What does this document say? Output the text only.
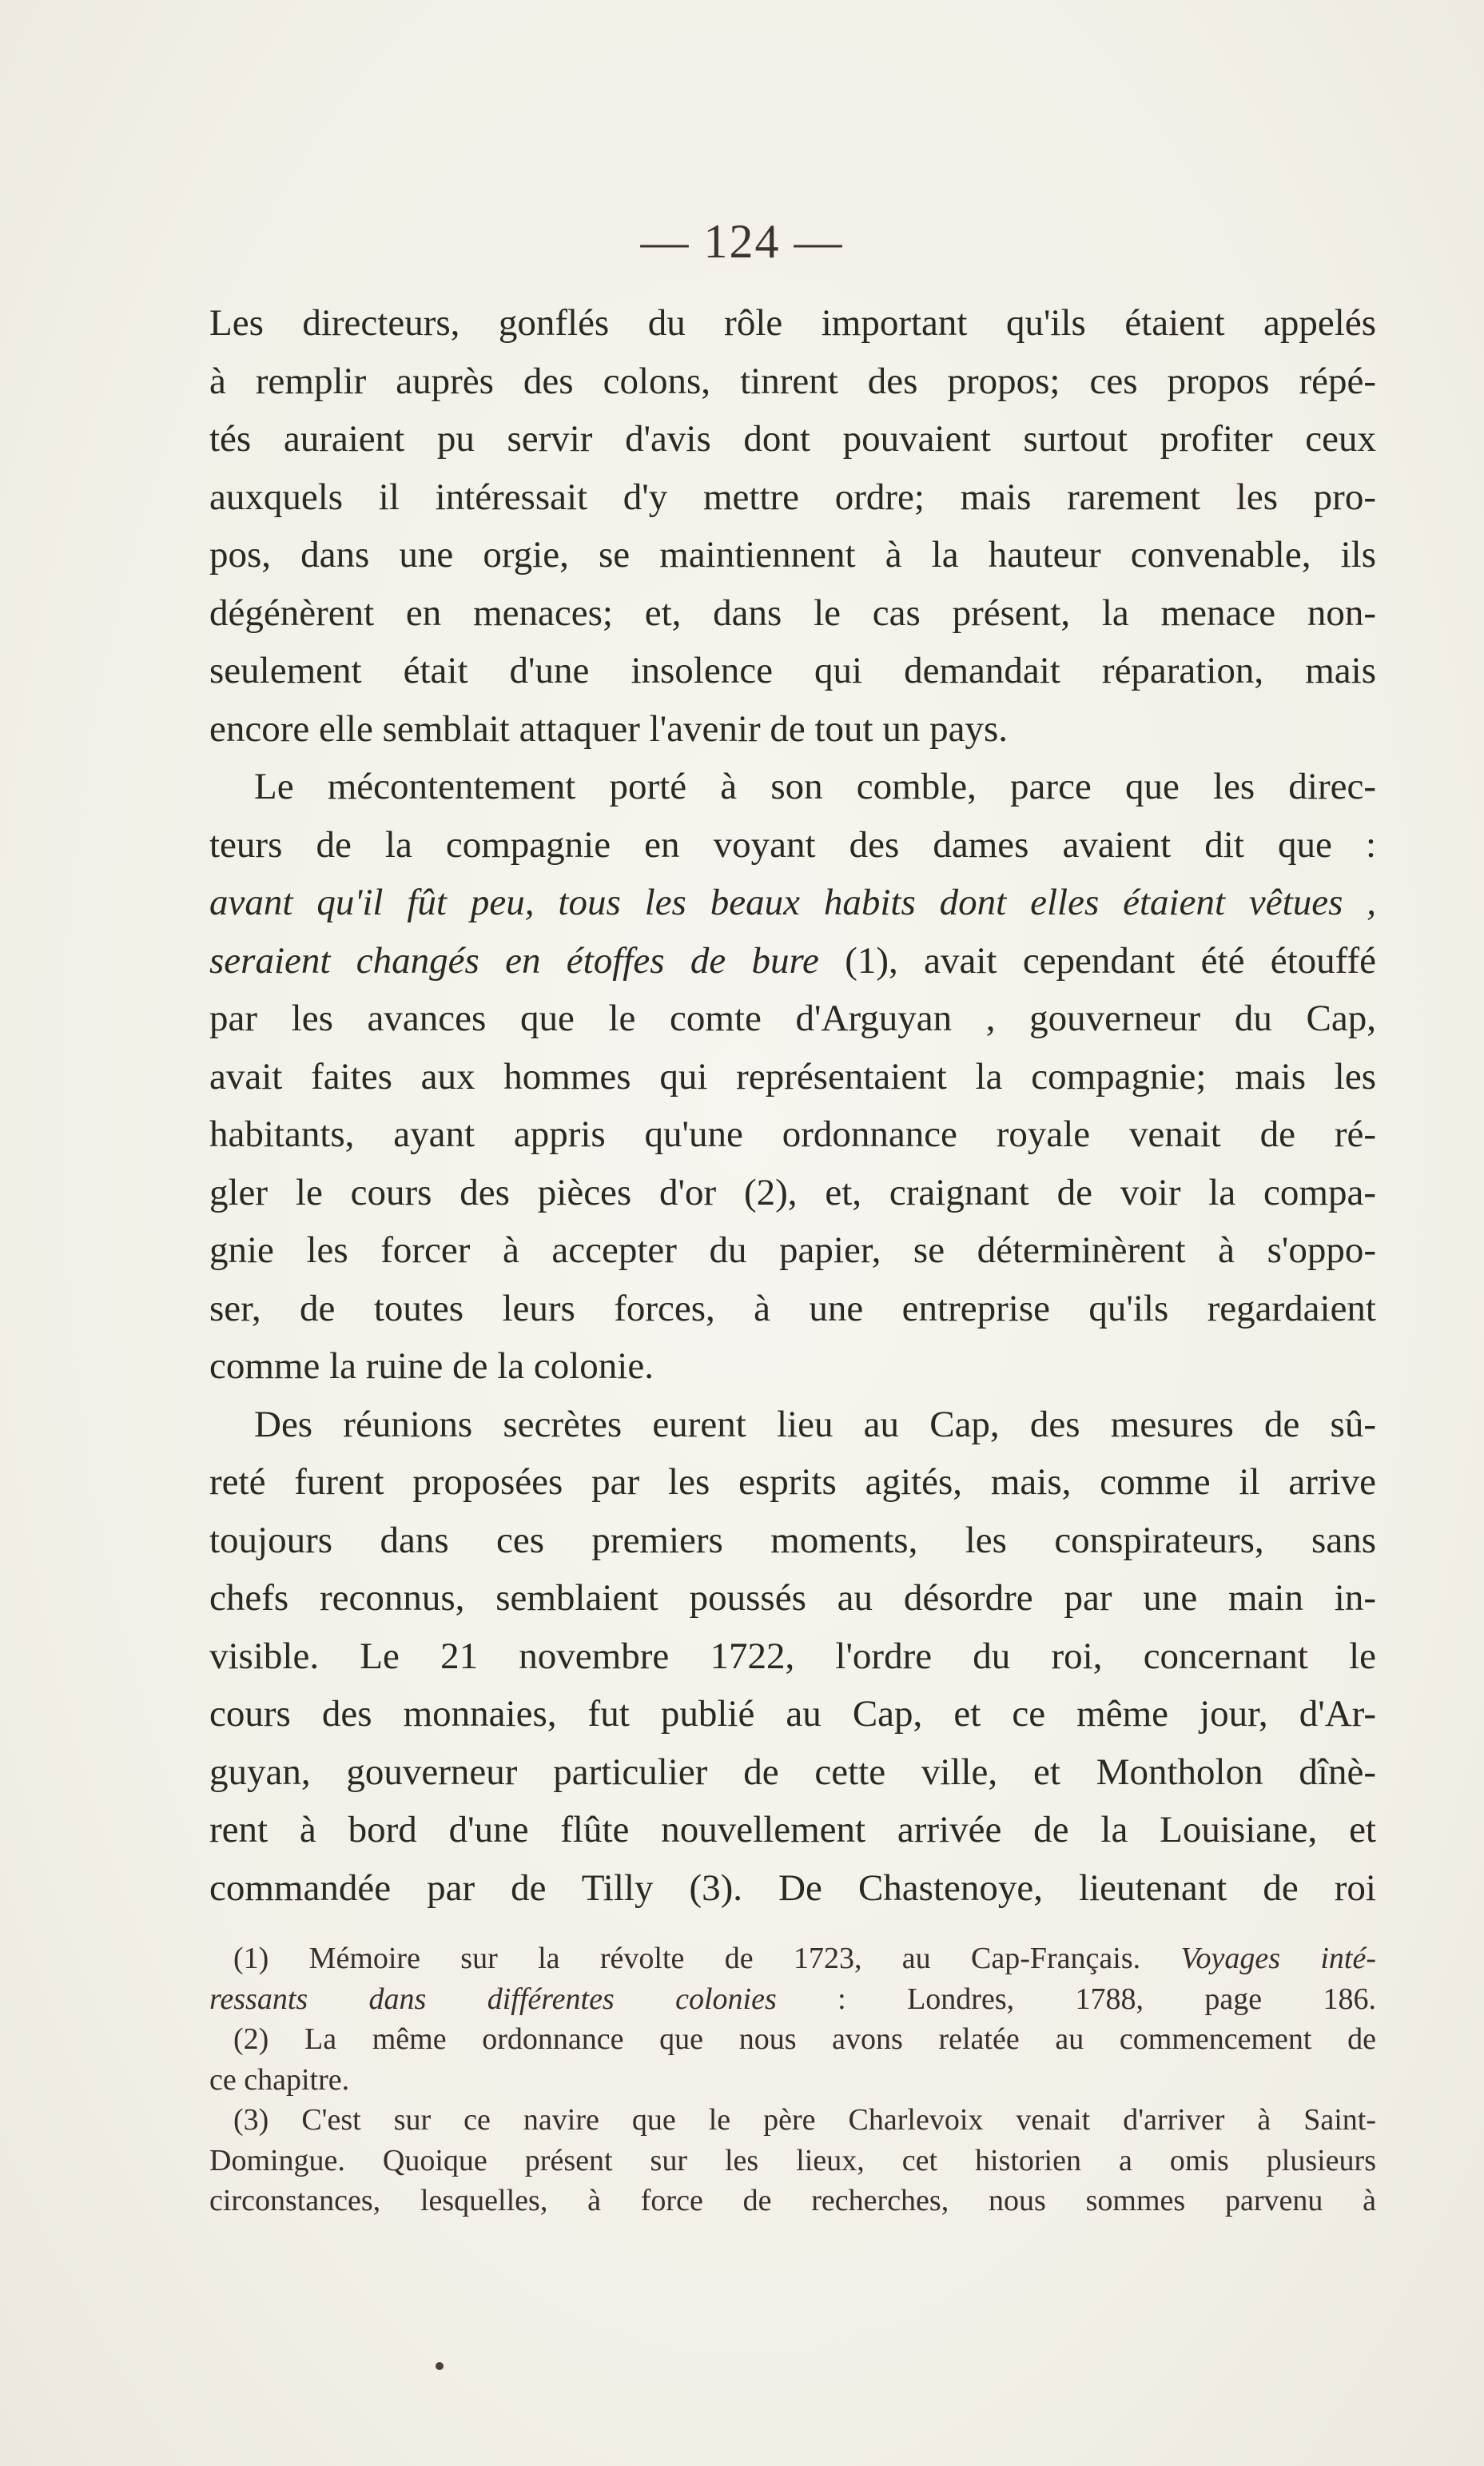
— 124 —
Les directeurs, gonflés du rôle important qu'ils étaient appelés
à remplir auprès des colons, tinrent des propos; ces propos répé-
tés auraient pu servir d'avis dont pouvaient surtout profiter ceux
auxquels il intéressait d'y mettre ordre; mais rarement les pro-
pos, dans une orgie, se maintiennent à la hauteur convenable, ils
dégénèrent en menaces; et, dans le cas présent, la menace non-
seulement était d'une insolence qui demandait réparation, mais
encore elle semblait attaquer l'avenir de tout un pays.
Le mécontentement porté à son comble, parce que les direc-
teurs de la compagnie en voyant des dames avaient dit que :
avant qu'il fût peu, tous les beaux habits dont elles étaient vêtues ,
seraient changés en étoffes de bure (1), avait cependant été étouffé
par les avances que le comte d'Arguyan , gouverneur du Cap,
avait faites aux hommes qui représentaient la compagnie; mais les
habitants, ayant appris qu'une ordonnance royale venait de ré-
gler le cours des pièces d'or (2), et, craignant de voir la compa-
gnie les forcer à accepter du papier, se déterminèrent à s'oppo-
ser, de toutes leurs forces, à une entreprise qu'ils regardaient
comme la ruine de la colonie.
Des réunions secrètes eurent lieu au Cap, des mesures de sû-
reté furent proposées par les esprits agités, mais, comme il arrive
toujours dans ces premiers moments, les conspirateurs, sans
chefs reconnus, semblaient poussés au désordre par une main in-
visible. Le 21 novembre 1722, l'ordre du roi, concernant le
cours des monnaies, fut publié au Cap, et ce même jour, d'Ar-
guyan, gouverneur particulier de cette ville, et Montholon dînè-
rent à bord d'une flûte nouvellement arrivée de la Louisiane, et
commandée par de Tilly (3). De Chastenoye, lieutenant de roi
(1) Mémoire sur la révolte de 1723, au Cap-Français. Voyages inté-
ressants dans différentes colonies : Londres, 1788, page 186.
(2) La même ordonnance que nous avons relatée au commencement de
ce chapitre.
(3) C'est sur ce navire que le père Charlevoix venait d'arriver à Saint-
Domingue. Quoique présent sur les lieux, cet historien a omis plusieurs
circonstances, lesquelles, à force de recherches, nous sommes parvenu à
